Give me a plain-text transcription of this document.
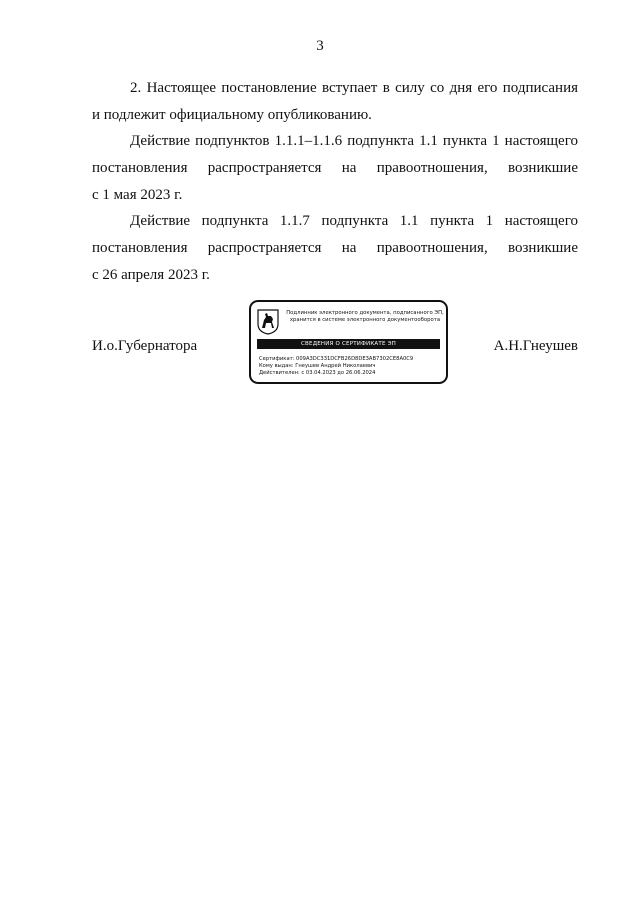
3
2. Настоящее постановление вступает в силу со дня его подписания
и подлежит официальному опубликованию.
Действие подпунктов 1.1.1–1.1.6 подпункта 1.1 пункта 1 настоящего
постановления распространяется на правоотношения, возникшие
с 1 мая 2023 г.
Действие подпункта 1.1.7 подпункта 1.1 пункта 1 настоящего
постановления распространяется на правоотношения, возникшие
с 26 апреля 2023 г.
И.о.Губернатора
Подлинник электронного документа, подписанного ЭП,
хранится в системе электронного документооборота
СВЕДЕНИЯ О СЕРТИФИКАТЕ ЭП
Сертификат: 009A3DC331DCFB26D8DE3AB7302CE8A0C9
Кому выдан: Гнеушев Андрей Николаевич
Действителен: с 03.04.2023 до 26.06.2024
А.Н.Гнеушев
